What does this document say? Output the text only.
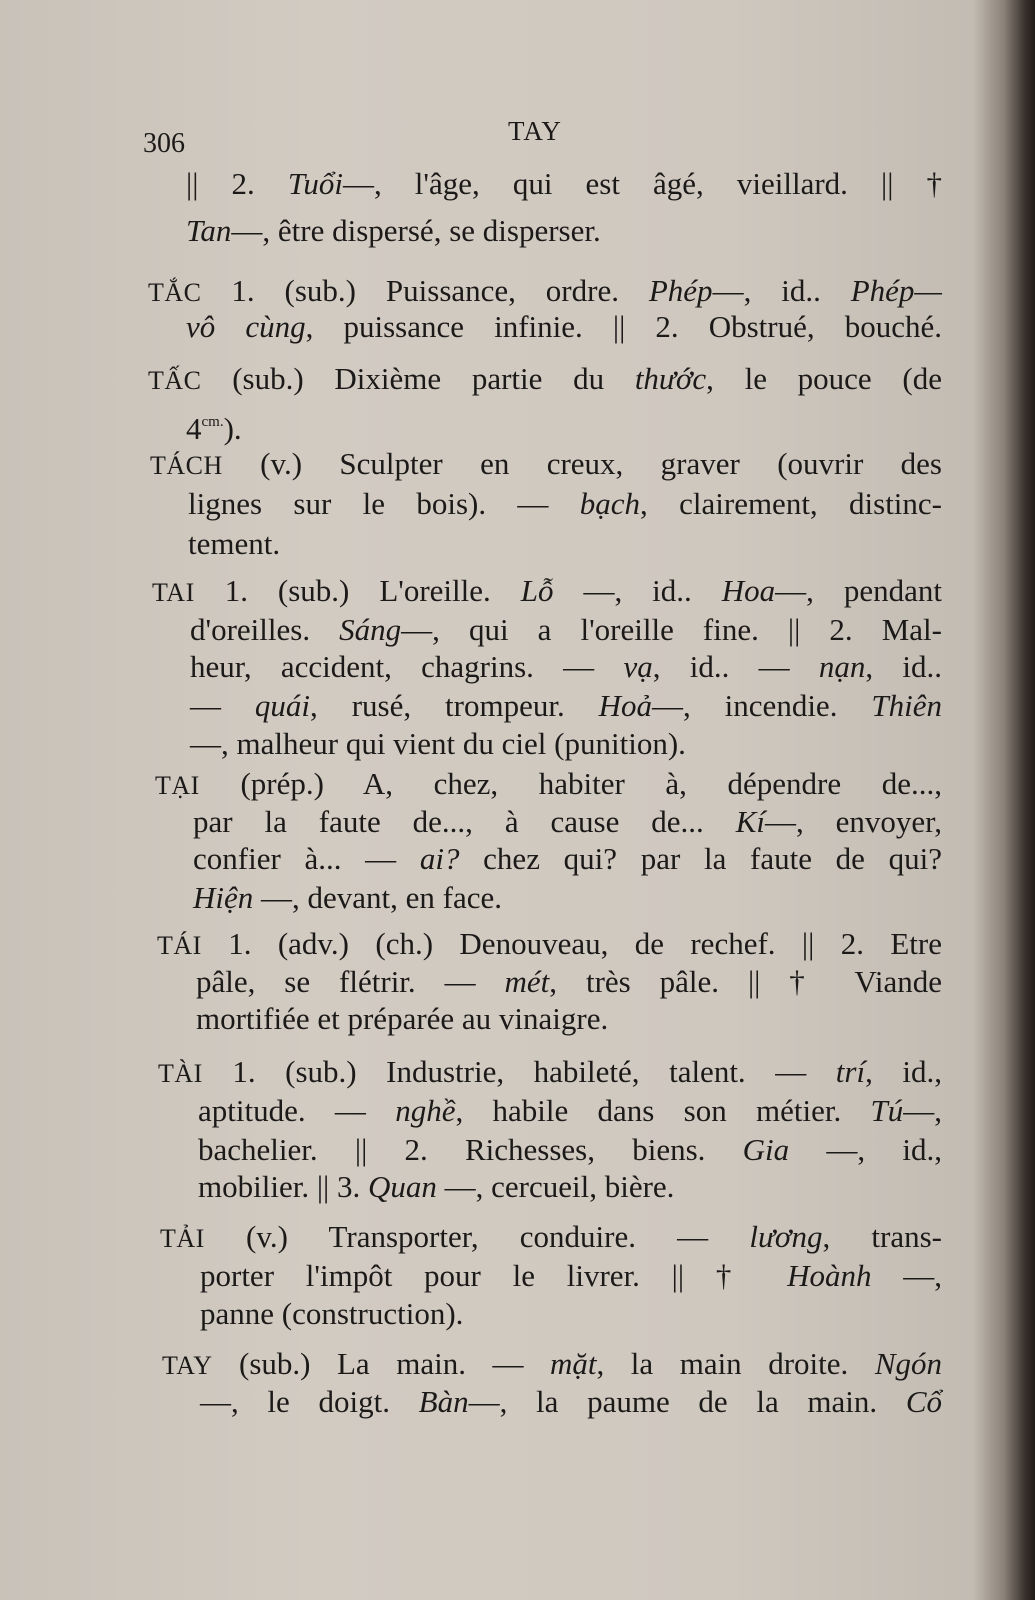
306	TAY
|| 2. Tuổi—, l'âge, qui est âgé, vieillard. || †
Tan—, être dispersé, se disperser.
TẮC 1. (sub.) Puissance, ordre. Phép—, id.. Phép—
vô cùng, puissance infinie. || 2. Obstrué, bouché.
TẤC (sub.) Dixième partie du thước, le pouce (de
$4^{cm.}$).
TÁCH (v.) Sculpter en creux, graver (ouvrir des
lignes sur le bois). — bạch, clairement, distinc-
tement.
TAI 1. (sub.) L'oreille. Lỗ —, id.. Hoa—, pendant
d'oreilles. Sáng—, qui a l'oreille fine. || 2. Mal-
heur, accident, chagrins. — vạ, id.. — nạn, id..
— quái, rusé, trompeur. Hoả—, incendie. Thiên
—, malheur qui vient du ciel (punition).
TẠI (prép.) A, chez, habiter à, dépendre de...,
par la faute de..., à cause de... Kí—, envoyer,
confier à... — ai? chez qui? par la faute de qui?
Hiện —, devant, en face.
TÁI 1. (adv.) (ch.) Denouveau, de rechef. || 2. Etre
pâle, se flétrir. — mét, très pâle. || † Viande
mortifiée et préparée au vinaigre.
TÀI 1. (sub.) Industrie, habileté, talent. — trí, id.,
aptitude. — nghề, habile dans son métier. Tú—,
bachelier. || 2. Richesses, biens. Gia —, id.,
mobilier. || 3. Quan —, cercueil, bière.
TẢI (v.) Transporter, conduire. — lương, trans-
porter l'impôt pour le livrer. || † Hoành —,
panne (construction).
TAY (sub.) La main. — mặt, la main droite. Ngón
—, le doigt. Bàn—, la paume de la main. Cổ
